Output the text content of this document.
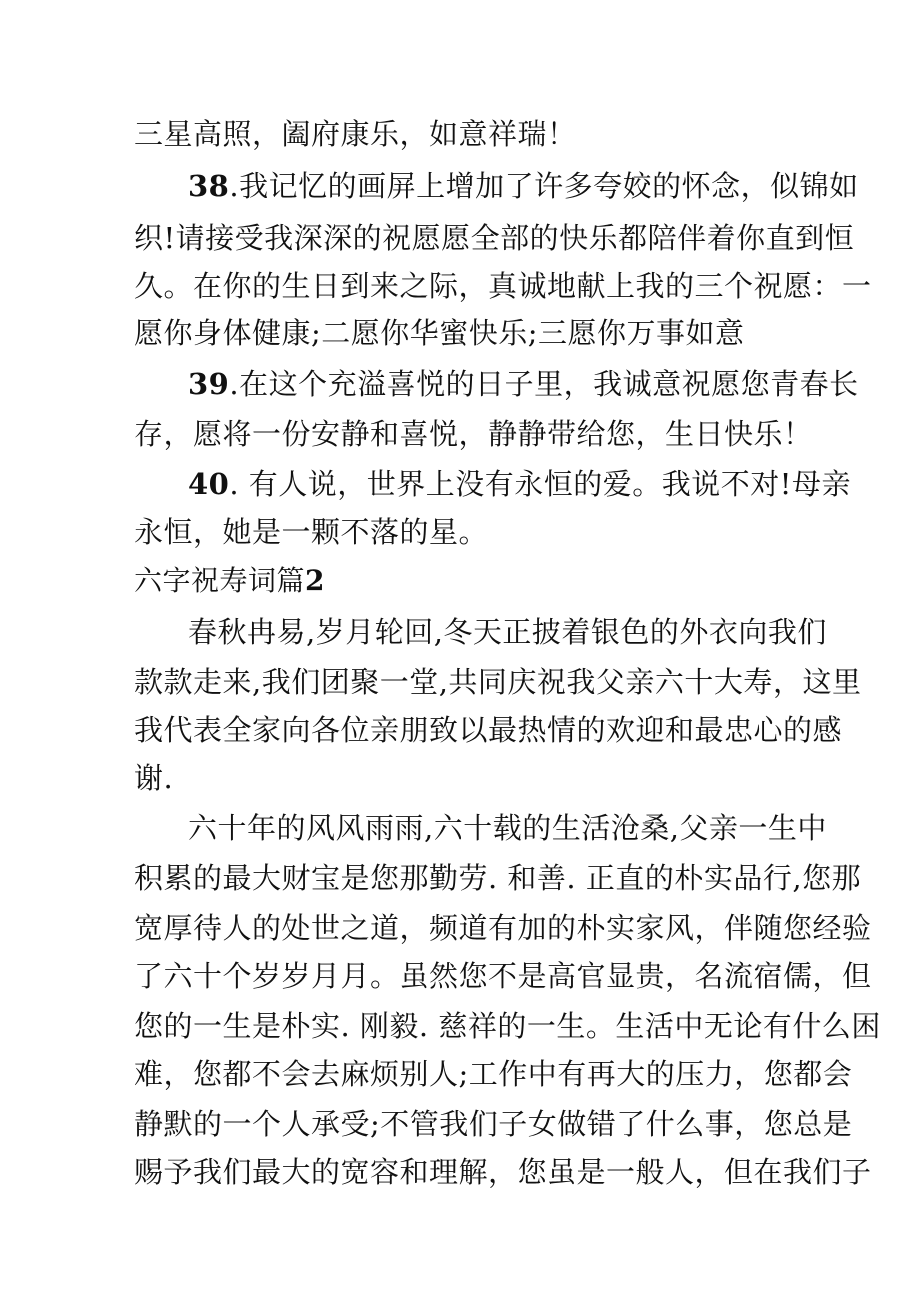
三星高照，阖府康乐，如意祥瑞！
38.我记忆的画屏上增加了许多夸姣的怀念，似锦如
织!请接受我深深的祝愿愿全部的快乐都陪伴着你直到恒
久。在你的生日到来之际，真诚地献上我的三个祝愿：一
愿你身体健康;二愿你华蜜快乐;三愿你万事如意
39.在这个充溢喜悦的日子里，我诚意祝愿您青春长
存，愿将一份安静和喜悦，静静带给您，生日快乐！
40. 有人说，世界上没有永恒的爱。我说不对!母亲
永恒，她是一颗不落的星。
六字祝寿词篇2
春秋冉易,岁月轮回,冬天正披着银色的外衣向我们
款款走来,我们团聚一堂,共同庆祝我父亲六十大寿，这里
我代表全家向各位亲朋致以最热情的欢迎和最忠心的感
谢.
六十年的风风雨雨,六十载的生活沧桑,父亲一生中
积累的最大财宝是您那勤劳. 和善. 正直的朴实品行,您那
宽厚待人的处世之道，频道有加的朴实家风，伴随您经验
了六十个岁岁月月。虽然您不是高官显贵，名流宿儒，但
您的一生是朴实. 刚毅. 慈祥的一生。生活中无论有什么困
难，您都不会去麻烦别人;工作中有再大的压力，您都会
静默的一个人承受;不管我们子女做错了什么事，您总是
赐予我们最大的宽容和理解，您虽是一般人，但在我们子
